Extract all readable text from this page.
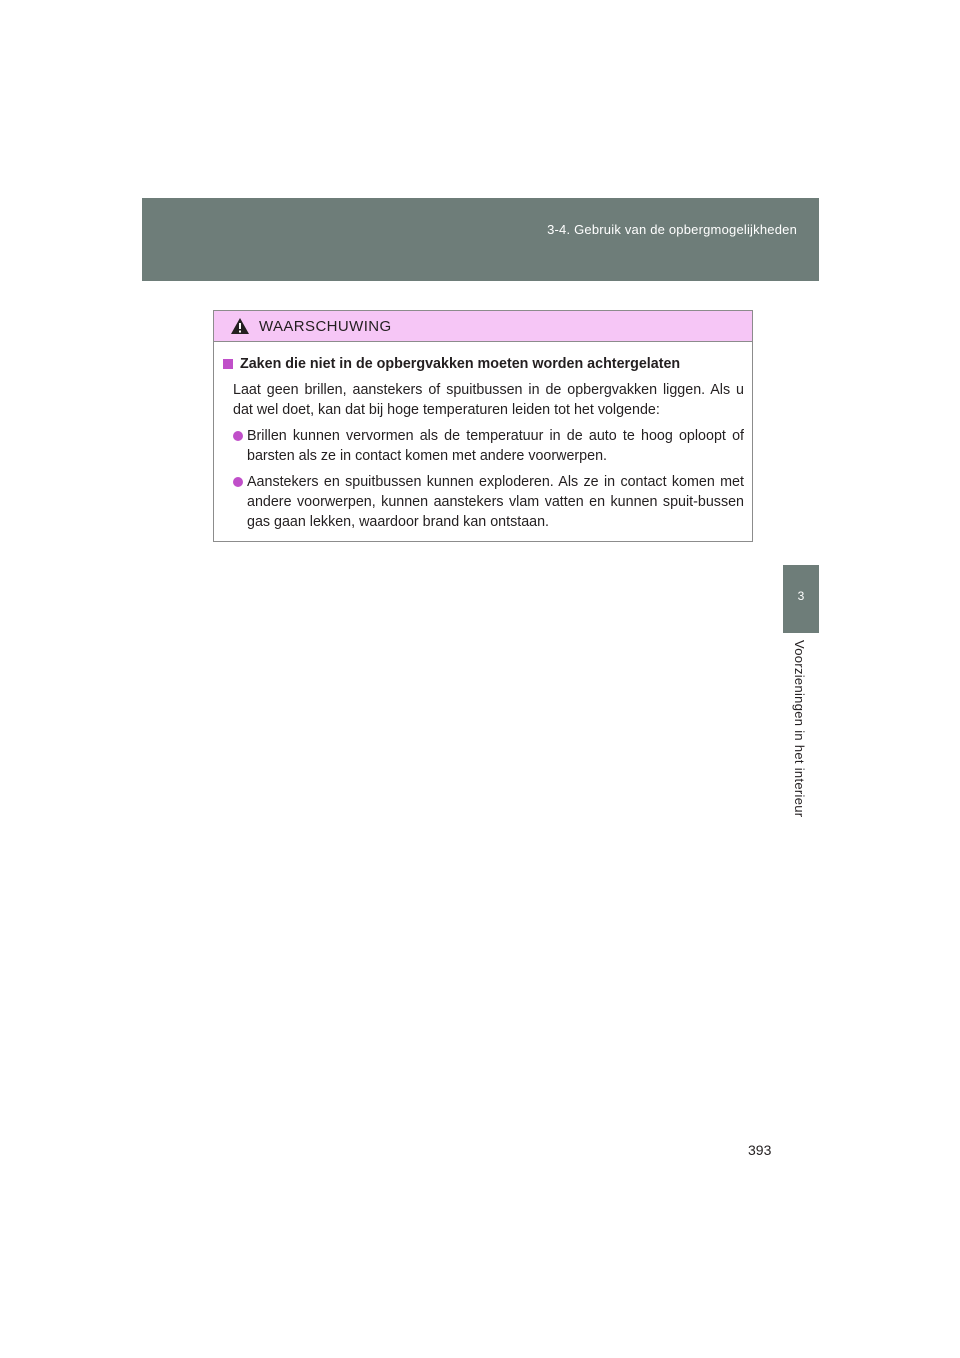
3-4. Gebruik van de opbergmogelijkheden
3
Voorzieningen in het interieur
WAARSCHUWING
Zaken die niet in de opbergvakken moeten worden achtergelaten
Laat geen brillen, aanstekers of spuitbussen in de opbergvakken liggen. Als u dat wel doet, kan dat bij hoge temperaturen leiden tot het volgende:
Brillen kunnen vervormen als de temperatuur in de auto te hoog oploopt of barsten als ze in contact komen met andere voorwerpen.
Aanstekers en spuitbussen kunnen exploderen. Als ze in contact komen met andere voorwerpen, kunnen aanstekers vlam vatten en kunnen spuit-bussen gas gaan lekken, waardoor brand kan ontstaan.
393
